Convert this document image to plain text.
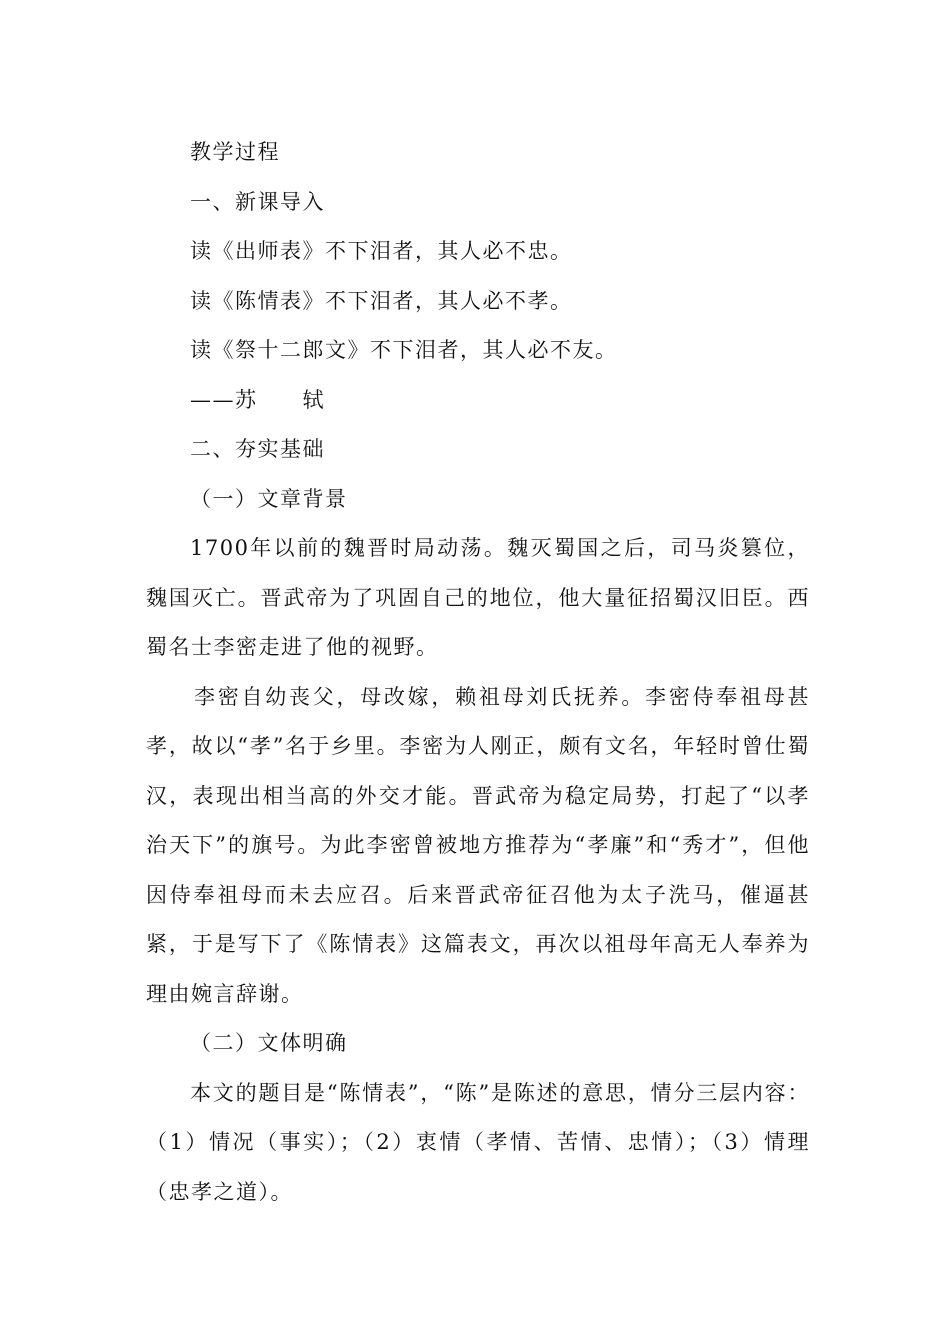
教学过程
一、新课导入
读《出师表》不下泪者，其人必不忠。
读《陈情表》不下泪者，其人必不孝。
读《祭十二郎文》不下泪者，其人必不友。
——苏　　轼
二、夯实基础
（一）文章背景

1700年以前的魏晋时局动荡。魏灭蜀国之后，司马炎篡位，魏国灭亡。晋武帝为了巩固自己的地位，他大量征招蜀汉旧臣。西蜀名士李密走进了他的视野。

李密自幼丧父，母改嫁，赖祖母刘氏抚养。李密侍奉祖母甚孝，故以“孝”名于乡里。李密为人刚正，颇有文名，年轻时曾仕蜀汉，表现出相当高的外交才能。晋武帝为稳定局势，打起了“以孝治天下”的旗号。为此李密曾被地方推荐为“孝廉”和“秀才”，但他因侍奉祖母而未去应召。后来晋武帝征召他为太子洗马，催逼甚紧，于是写下了《陈情表》这篇表文，再次以祖母年高无人奉养为理由婉言辞谢。

（二）文体明确

本文的题目是“陈情表”，“陈”是陈述的意思，情分三层内容：（1）情况（事实）；（2）衷情（孝情、苦情、忠情）；（3）情理（忠孝之道）。
